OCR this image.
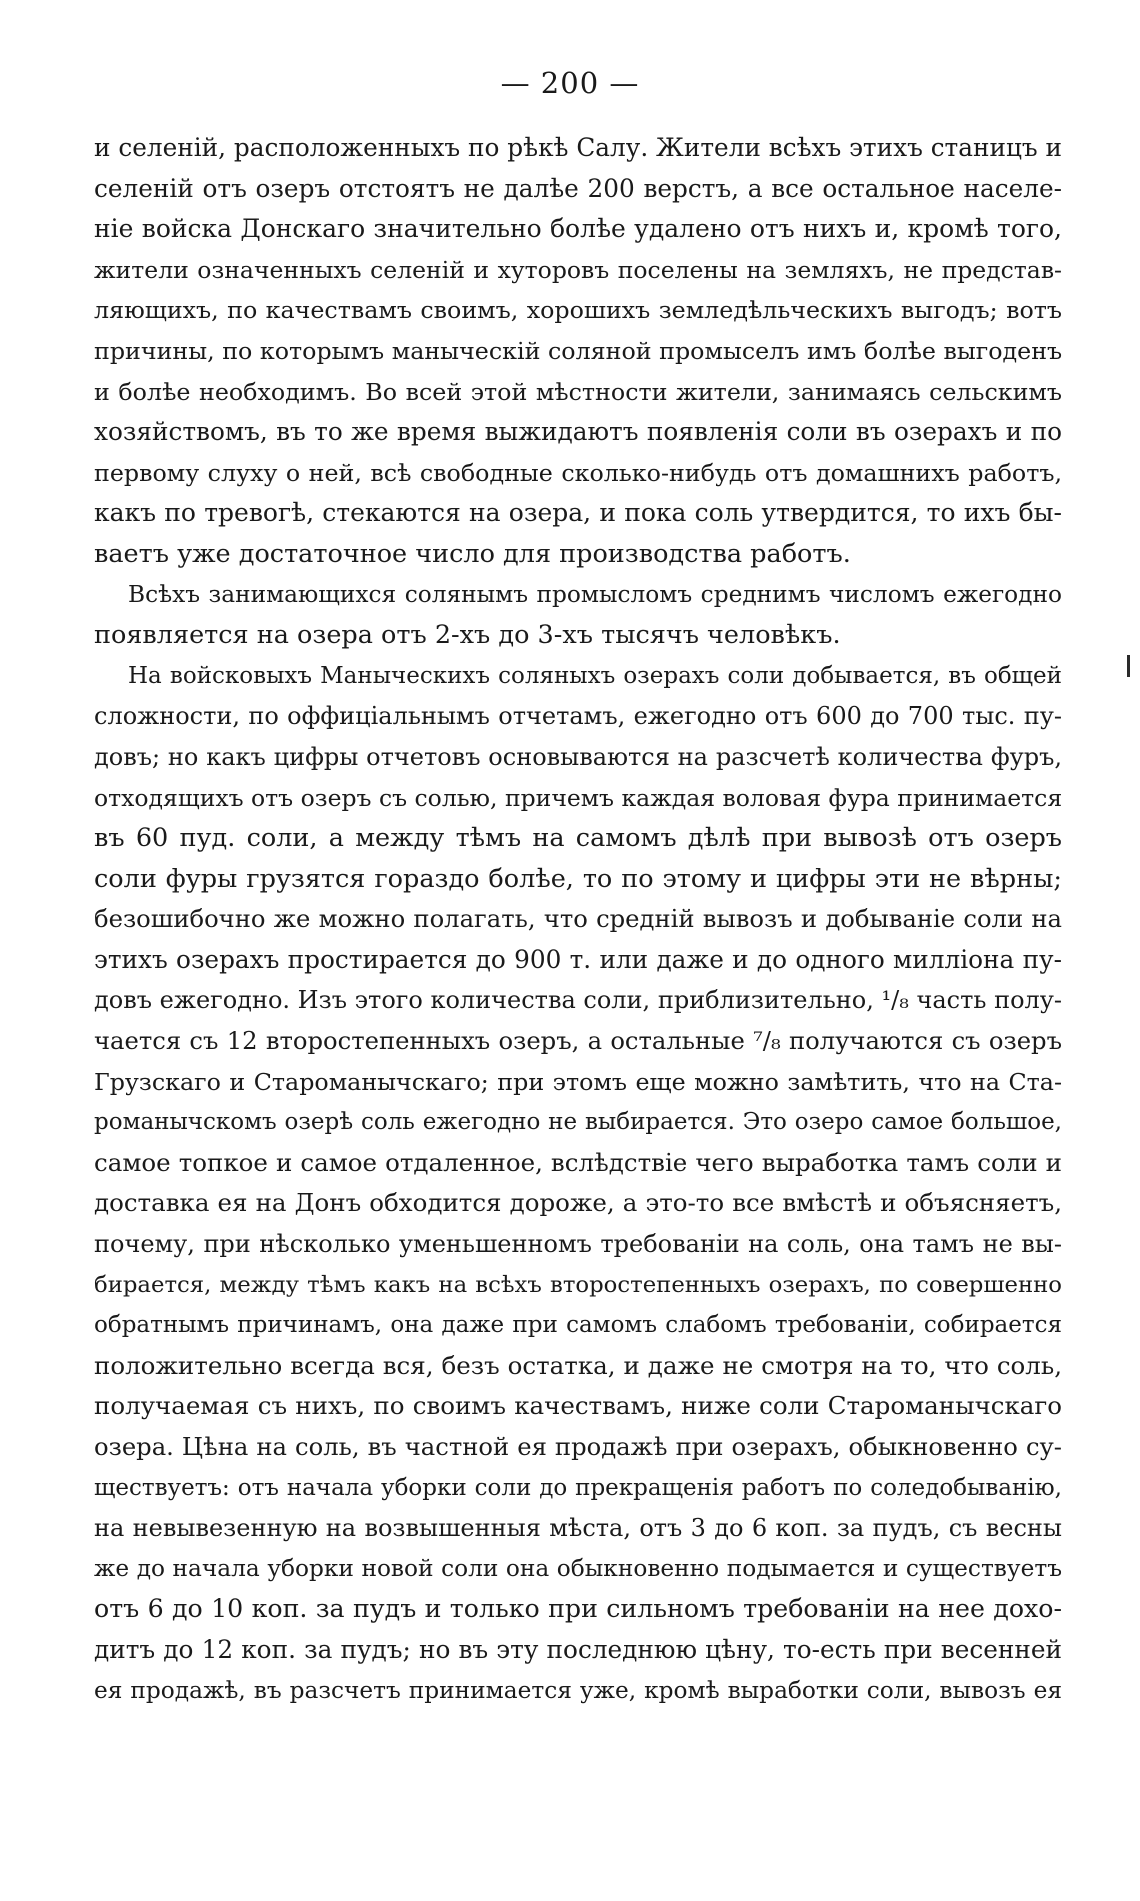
— 200 —
и селеній, расположенныхъ по рѣкѣ Салу. Жители всѣхъ этихъ станицъ и
селеній отъ озеръ отстоятъ не далѣе 200 верстъ, а все остальное населе-
ніе войска Донскаго значительно болѣе удалено отъ нихъ и, кромѣ того,
жители означенныхъ селеній и хуторовъ поселены на земляхъ, не представ-
ляющихъ, по качествамъ своимъ, хорошихъ земледѣльческихъ выгодъ; вотъ
причины, по которымъ маныческій соляной промыселъ имъ болѣе выгоденъ
и болѣе необходимъ. Во всей этой мѣстности жители, занимаясь сельскимъ
хозяйствомъ, въ то же время выжидаютъ появленія соли въ озерахъ и по
первому слуху о ней, всѣ свободные сколько-нибудь отъ домашнихъ работъ,
какъ по тревогѣ, стекаются на озера, и пока соль утвердится, то ихъ бы-
ваетъ уже достаточное число для производства работъ.
Всѣхъ занимающихся солянымъ промысломъ среднимъ числомъ ежегодно
появляется на озера отъ 2-хъ до 3-хъ тысячъ человѣкъ.
На войсковыхъ Маныческихъ соляныхъ озерахъ соли добывается, въ общей
сложности, по оффиціальнымъ отчетамъ, ежегодно отъ 600 до 700 тыс. пу-
довъ; но какъ цифры отчетовъ основываются на разсчетѣ количества фуръ,
отходящихъ отъ озеръ съ солью, причемъ каждая воловая фура принимается
въ 60 пуд. соли, а между тѣмъ на самомъ дѣлѣ при вывозѣ отъ озеръ
соли фуры грузятся гораздо болѣе, то по этому и цифры эти не вѣрны;
безошибочно же можно полагать, что средній вывозъ и добываніе соли на
этихъ озерахъ простирается до 900 т. или даже и до одного милліона пу-
довъ ежегодно. Изъ этого количества соли, приблизительно, ¹/₈ часть полу-
чается съ 12 второстепенныхъ озеръ, а остальные ⁷/₈ получаются съ озеръ
Грузскаго и Староманычскаго; при этомъ еще можно замѣтить, что на Ста-
романычскомъ озерѣ соль ежегодно не выбирается. Это озеро самое большое,
самое топкое и самое отдаленное, вслѣдствіе чего выработка тамъ соли и
доставка ея на Донъ обходится дороже, а это-то все вмѣстѣ и объясняетъ,
почему, при нѣсколько уменьшенномъ требованіи на соль, она тамъ не вы-
бирается, между тѣмъ какъ на всѣхъ второстепенныхъ озерахъ, по совершенно
обратнымъ причинамъ, она даже при самомъ слабомъ требованіи, собирается
положительно всегда вся, безъ остатка, и даже не смотря на то, что соль,
получаемая съ нихъ, по своимъ качествамъ, ниже соли Староманычскаго
озера. Цѣна на соль, въ частной ея продажѣ при озерахъ, обыкновенно су-
ществуетъ: отъ начала уборки соли до прекращенія работъ по соледобыванію,
на невывезенную на возвышенныя мѣста, отъ 3 до 6 коп. за пудъ, съ весны
же до начала уборки новой соли она обыкновенно подымается и существуетъ
отъ 6 до 10 коп. за пудъ и только при сильномъ требованіи на нее дохо-
дитъ до 12 коп. за пудъ; но въ эту последнюю цѣну, то-есть при весенней
ея продажѣ, въ разсчетъ принимается уже, кромѣ выработки соли, вывозъ ея
